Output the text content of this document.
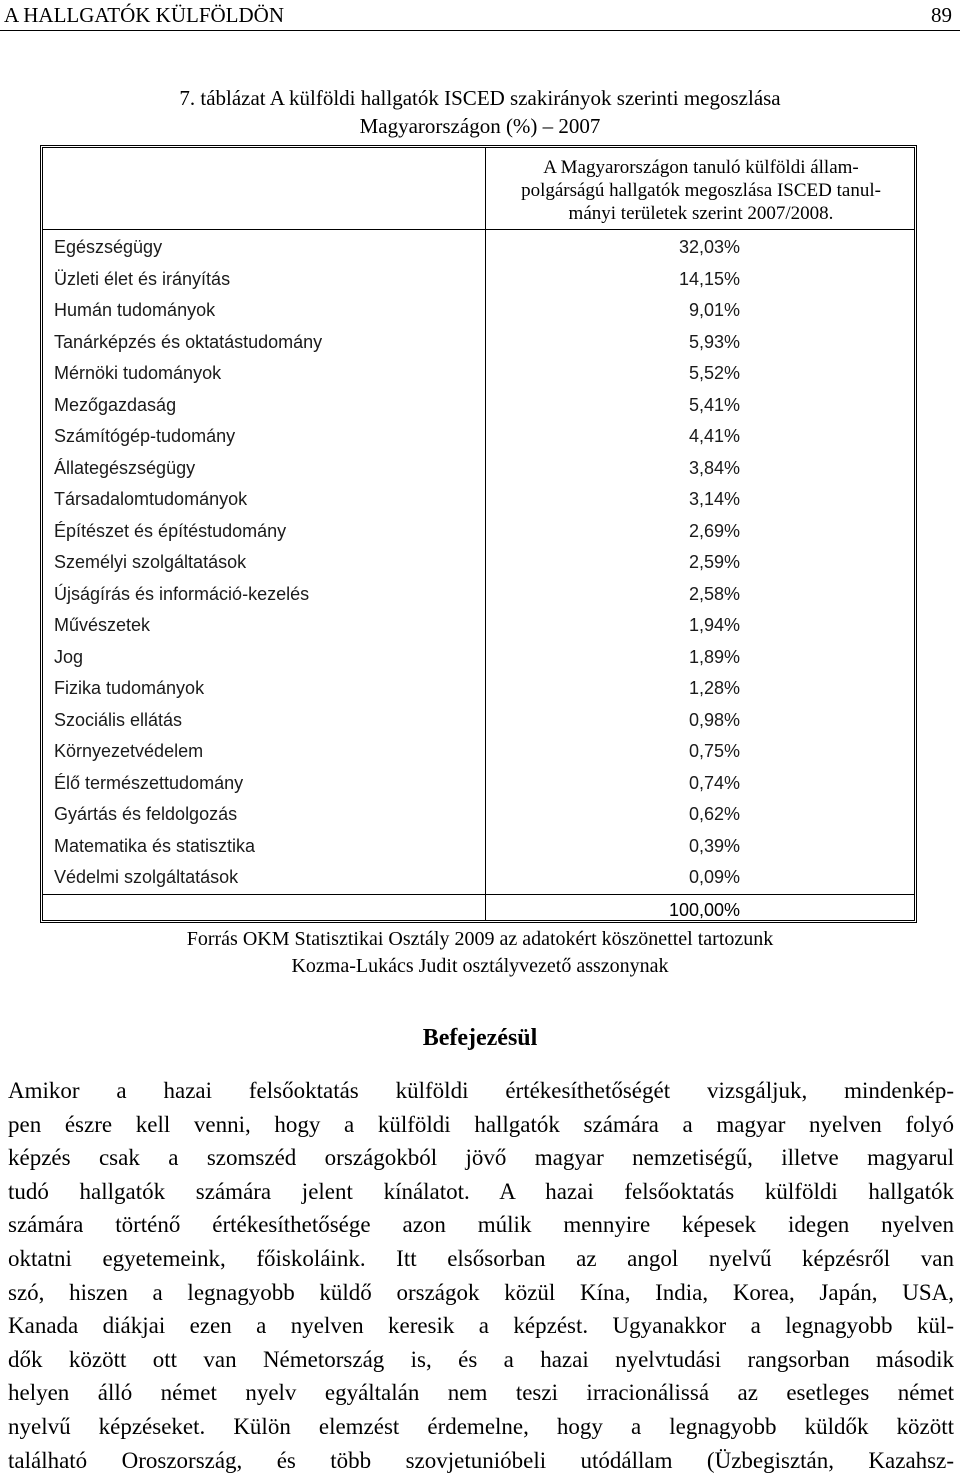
A HALLGATÓK KÜLFÖLDÖN	89
7. táblázat A külföldi hallgatók ISCED szakirányok szerinti megoszlása
Magyarországon (%) – 2007
A Magyarországon tanuló külföldi állam-
polgárságú hallgatók megoszlása ISCED tanul-
mányi területek szerint 2007/2008.
Egészségügy	32,03%
Üzleti élet és irányítás	14,15%
Humán tudományok	9,01%
Tanárképzés és oktatástudomány	5,93%
Mérnöki tudományok	5,52%
Mezőgazdaság	5,41%
Számítógép-tudomány	4,41%
Állategészségügy	3,84%
Társadalomtudományok	3,14%
Építészet és építéstudomány	2,69%
Személyi szolgáltatások	2,59%
Újságírás és információ-kezelés	2,58%
Művészetek	1,94%
Jog	1,89%
Fizika tudományok	1,28%
Szociális ellátás	0,98%
Környezetvédelem	0,75%
Élő természettudomány	0,74%
Gyártás és feldolgozás	0,62%
Matematika és statisztika	0,39%
Védelmi szolgáltatások	0,09%
100,00%
Forrás OKM Statisztikai Osztály 2009 az adatokért köszönettel tartozunk
Kozma-Lukács Judit osztályvezető asszonynak
Befejezésül
Amikor a hazai felsőoktatás külföldi értékesíthetőségét vizsgáljuk, mindenkép-
pen észre kell venni, hogy a külföldi hallgatók számára a magyar nyelven folyó
képzés csak a szomszéd országokból jövő magyar nemzetiségű, illetve magyarul
tudó hallgatók számára jelent kínálatot. A hazai felsőoktatás külföldi hallgatók
számára történő értékesíthetősége azon múlik mennyire képesek idegen nyelven
oktatni egyetemeink, főiskoláink. Itt elsősorban az angol nyelvű képzésről van
szó, hiszen a legnagyobb küldő országok közül Kína, India, Korea, Japán, USA,
Kanada diákjai ezen a nyelven keresik a képzést. Ugyanakkor a legnagyobb kül-
dők között ott van Németország is, és a hazai nyelvtudási rangsorban második
helyen álló német nyelv egyáltalán nem teszi irracionálissá az esetleges német
nyelvű képzéseket. Külön elemzést érdemelne, hogy a legnagyobb küldők között
található Oroszország, és több szovjetunióbeli utódállam (Üzbegisztán, Kazahsz-
